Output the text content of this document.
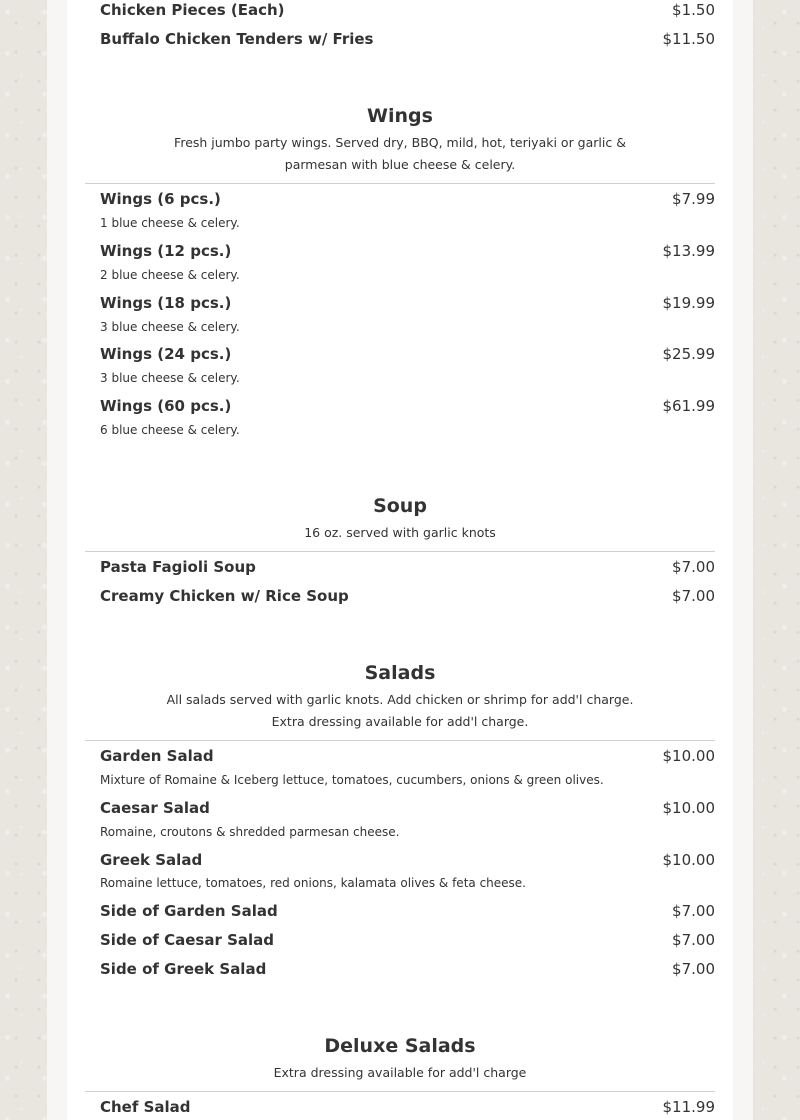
Chicken Pieces (Each)	$1.50
Buffalo Chicken Tenders w/ Fries	$11.50
Wings
Fresh jumbo party wings. Served dry, BBQ, mild, hot, teriyaki or garlic & parmesan with blue cheese & celery.
Wings (6 pcs.)	$7.99
1 blue cheese & celery.
Wings (12 pcs.)	$13.99
2 blue cheese & celery.
Wings (18 pcs.)	$19.99
3 blue cheese & celery.
Wings (24 pcs.)	$25.99
3 blue cheese & celery.
Wings (60 pcs.)	$61.99
6 blue cheese & celery.
Soup
16 oz. served with garlic knots
Pasta Fagioli Soup	$7.00
Creamy Chicken w/ Rice Soup	$7.00
Salads
All salads served with garlic knots. Add chicken or shrimp for add'l charge. Extra dressing available for add'l charge.
Garden Salad	$10.00
Mixture of Romaine & Iceberg lettuce, tomatoes, cucumbers, onions & green olives.
Caesar Salad	$10.00
Romaine, croutons & shredded parmesan cheese.
Greek Salad	$10.00
Romaine lettuce, tomatoes, red onions, kalamata olives & feta cheese.
Side of Garden Salad	$7.00
Side of Caesar Salad	$7.00
Side of Greek Salad	$7.00
Deluxe Salads
Extra dressing available for add'l charge
Chef Salad	$11.99
